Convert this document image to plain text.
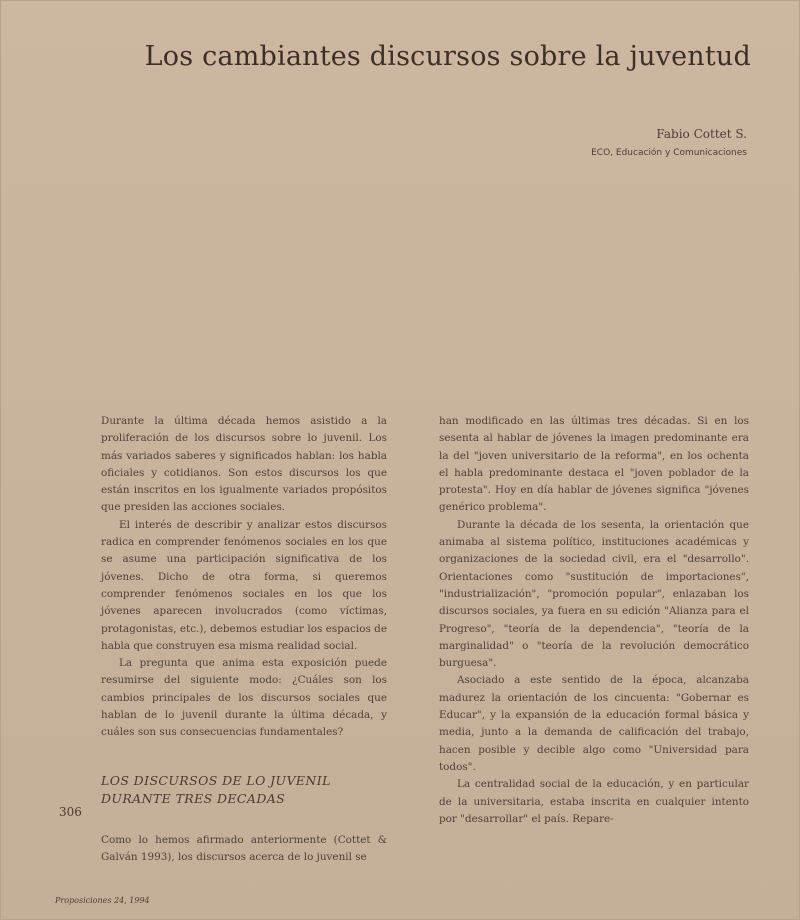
Los cambiantes discursos sobre la juventud
Fabio Cottet S.
ECO, Educación y Comunicaciones

Durante la última década hemos asistido a la proliferación de los discursos sobre lo juvenil. Los más variados saberes y significados hablan: los habla oficiales y cotidianos. Son estos discursos los que están inscritos en los igualmente variados propósitos que presiden las acciones sociales.

El interés de describir y analizar estos discursos radica en comprender fenómenos sociales en los que se asume una participación significativa de los jóvenes. Dicho de otra forma, si queremos comprender fenómenos sociales en los que los jóvenes aparecen involucrados (como víctimas, protagonistas, etc.), debemos estudiar los espacios de habla que construyen esa misma realidad social.

La pregunta que anima esta exposición puede resumirse del siguiente modo: ¿Cuáles son los cambios principales de los discursos sociales que hablan de lo juvenil durante la última década, y cuáles son sus consecuencias fundamentales?

LOS DISCURSOS DE LO JUVENIL DURANTE TRES DECADAS

Como lo hemos afirmado anteriormente (Cottet & Galván 1993), los discursos acerca de lo juvenil se

han modificado en las últimas tres décadas. Si en los sesenta al hablar de jóvenes la imagen predominante era la del "joven universitario de la reforma", en los ochenta el habla predominante destaca el "joven poblador de la protesta". Hoy en día hablar de jóvenes significa "jóvenes genérico problema".

Durante la década de los sesenta, la orientación que animaba al sistema político, instituciones académicas y organizaciones de la sociedad civil, era el "desarrollo". Orientaciones como "sustitución de importaciones", "industrialización", "promoción popular", enlazaban los discursos sociales, ya fuera en su edición "Alianza para el Progreso", "teoría de la dependencia", "teoría de la marginalidad" o "teoría de la revolución democrático burguesa".

Asociado a este sentido de la época, alcanzaba madurez la orientación de los cincuenta: "Gobernar es Educar", y la expansión de la educación formal básica y media, junto a la demanda de calificación del trabajo, hacen posible y decible algo como "Universidad para todos".

La centralidad social de la educación, y en particular de la universitaria, estaba inscrita en cualquier intento por "desarrollar" el país. Repare-

306
Proposiciones 24, 1994
